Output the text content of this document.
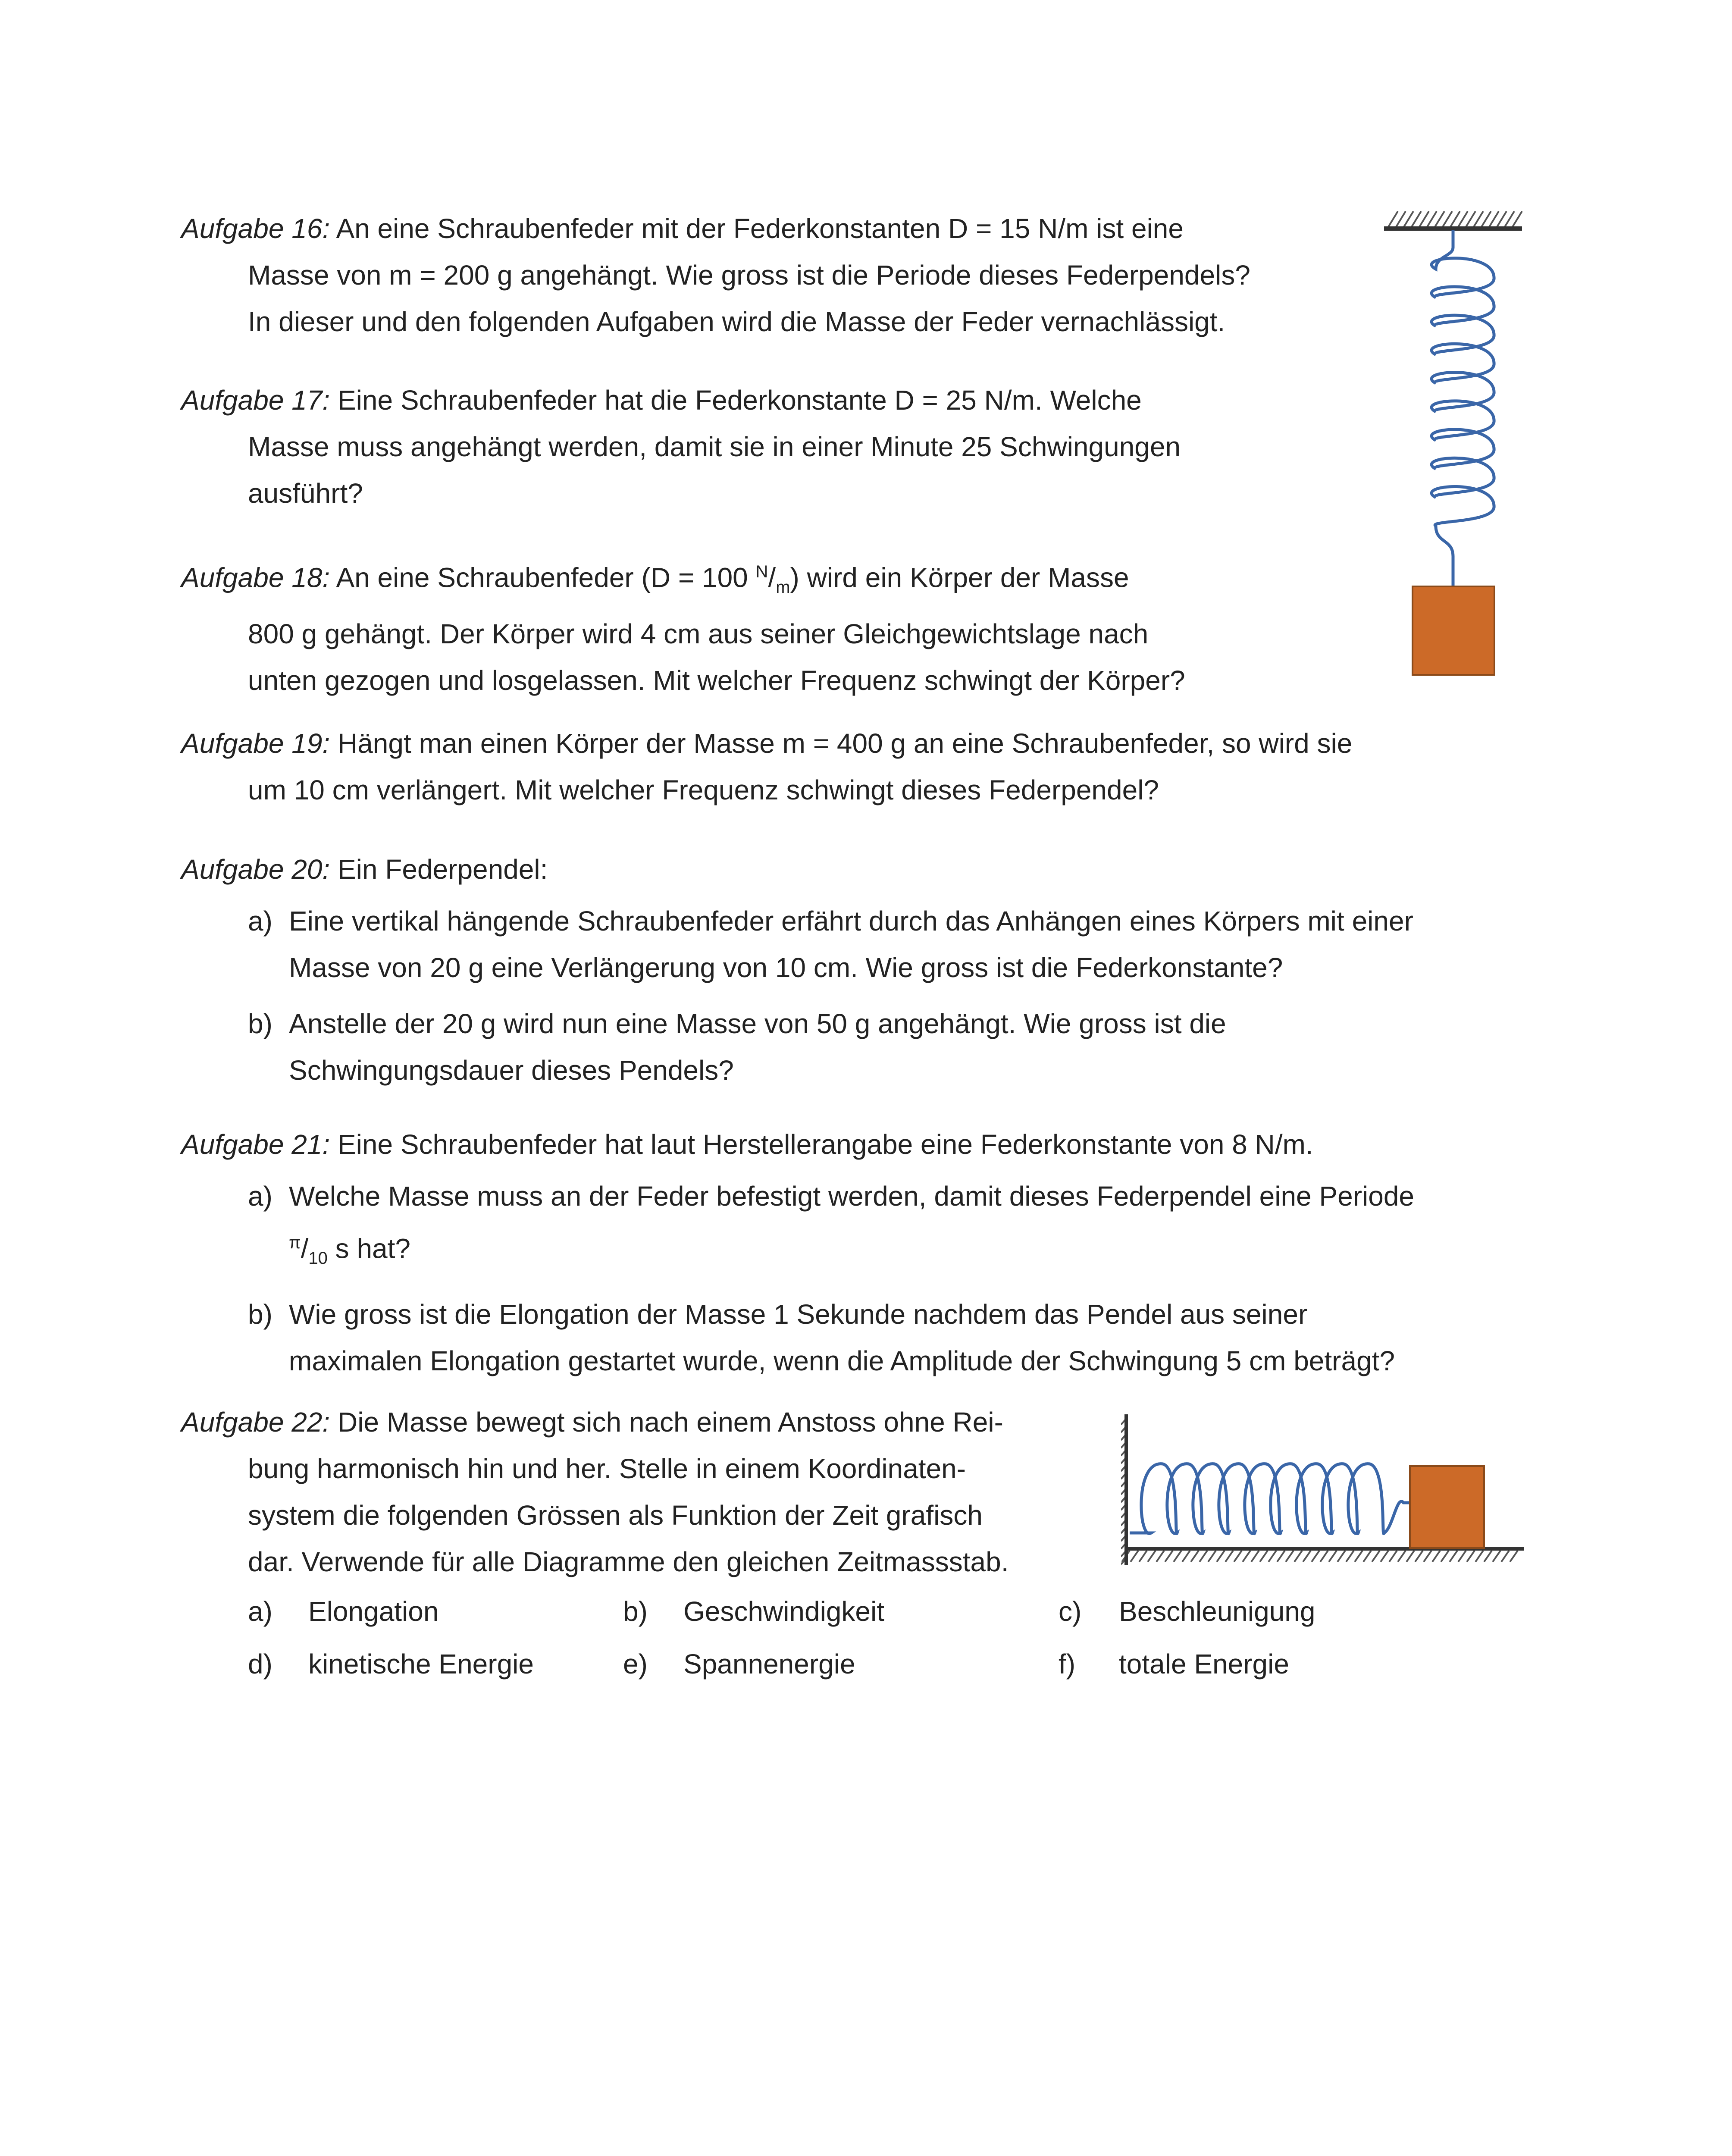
Aufgabe 16: An eine Schraubenfeder mit der Federkonstanten D = 15 N/m ist eine

Masse von m = 200 g angehängt. Wie gross ist die Periode dieses Federpendels?

In dieser und den folgenden Aufgaben wird die Masse der Feder vernachlässigt.

Aufgabe 17: Eine Schraubenfeder hat die Federkonstante D = 25 N/m. Welche

Masse muss angehängt werden, damit sie in einer Minute 25 Schwingungen

ausführt?

Aufgabe 18: An eine Schraubenfeder (D = 100 $^N/_m$) wird ein Körper der Masse

800 g gehängt. Der Körper wird 4 cm aus seiner Gleichgewichtslage nach

unten gezogen und losgelassen. Mit welcher Frequenz schwingt der Körper?

Aufgabe 19: Hängt man einen Körper der Masse m = 400 g an eine Schraubenfeder, so wird sie

um 10 cm verlängert. Mit welcher Frequenz schwingt dieses Federpendel?

Aufgabe 20: Ein Federpendel:

a) Eine vertikal hängende Schraubenfeder erfährt durch das Anhängen eines Körpers mit einer

Masse von 20 g eine Verlängerung von 10 cm. Wie gross ist die Federkonstante?

b) Anstelle der 20 g wird nun eine Masse von 50 g angehängt. Wie gross ist die

Schwingungsdauer dieses Pendels?

Aufgabe 21: Eine Schraubenfeder hat laut Herstellerangabe eine Federkonstante von 8 N/m.

a) Welche Masse muss an der Feder befestigt werden, damit dieses Federpendel eine Periode

$^\pi/_{10}$ s hat?

b) Wie gross ist die Elongation der Masse 1 Sekunde nachdem das Pendel aus seiner

maximalen Elongation gestartet wurde, wenn die Amplitude der Schwingung 5 cm beträgt?

Aufgabe 22: Die Masse bewegt sich nach einem Anstoss ohne Rei-

bung harmonisch hin und her. Stelle in einem Koordinaten-

system die folgenden Grössen als Funktion der Zeit grafisch

dar. Verwende für alle Diagramme den gleichen Zeitmassstab.

a)	Elongation	b)	Geschwindigkeit	c)	Beschleunigung
d)	kinetische Energie	e)	Spannenergie	f)	totale Energie
